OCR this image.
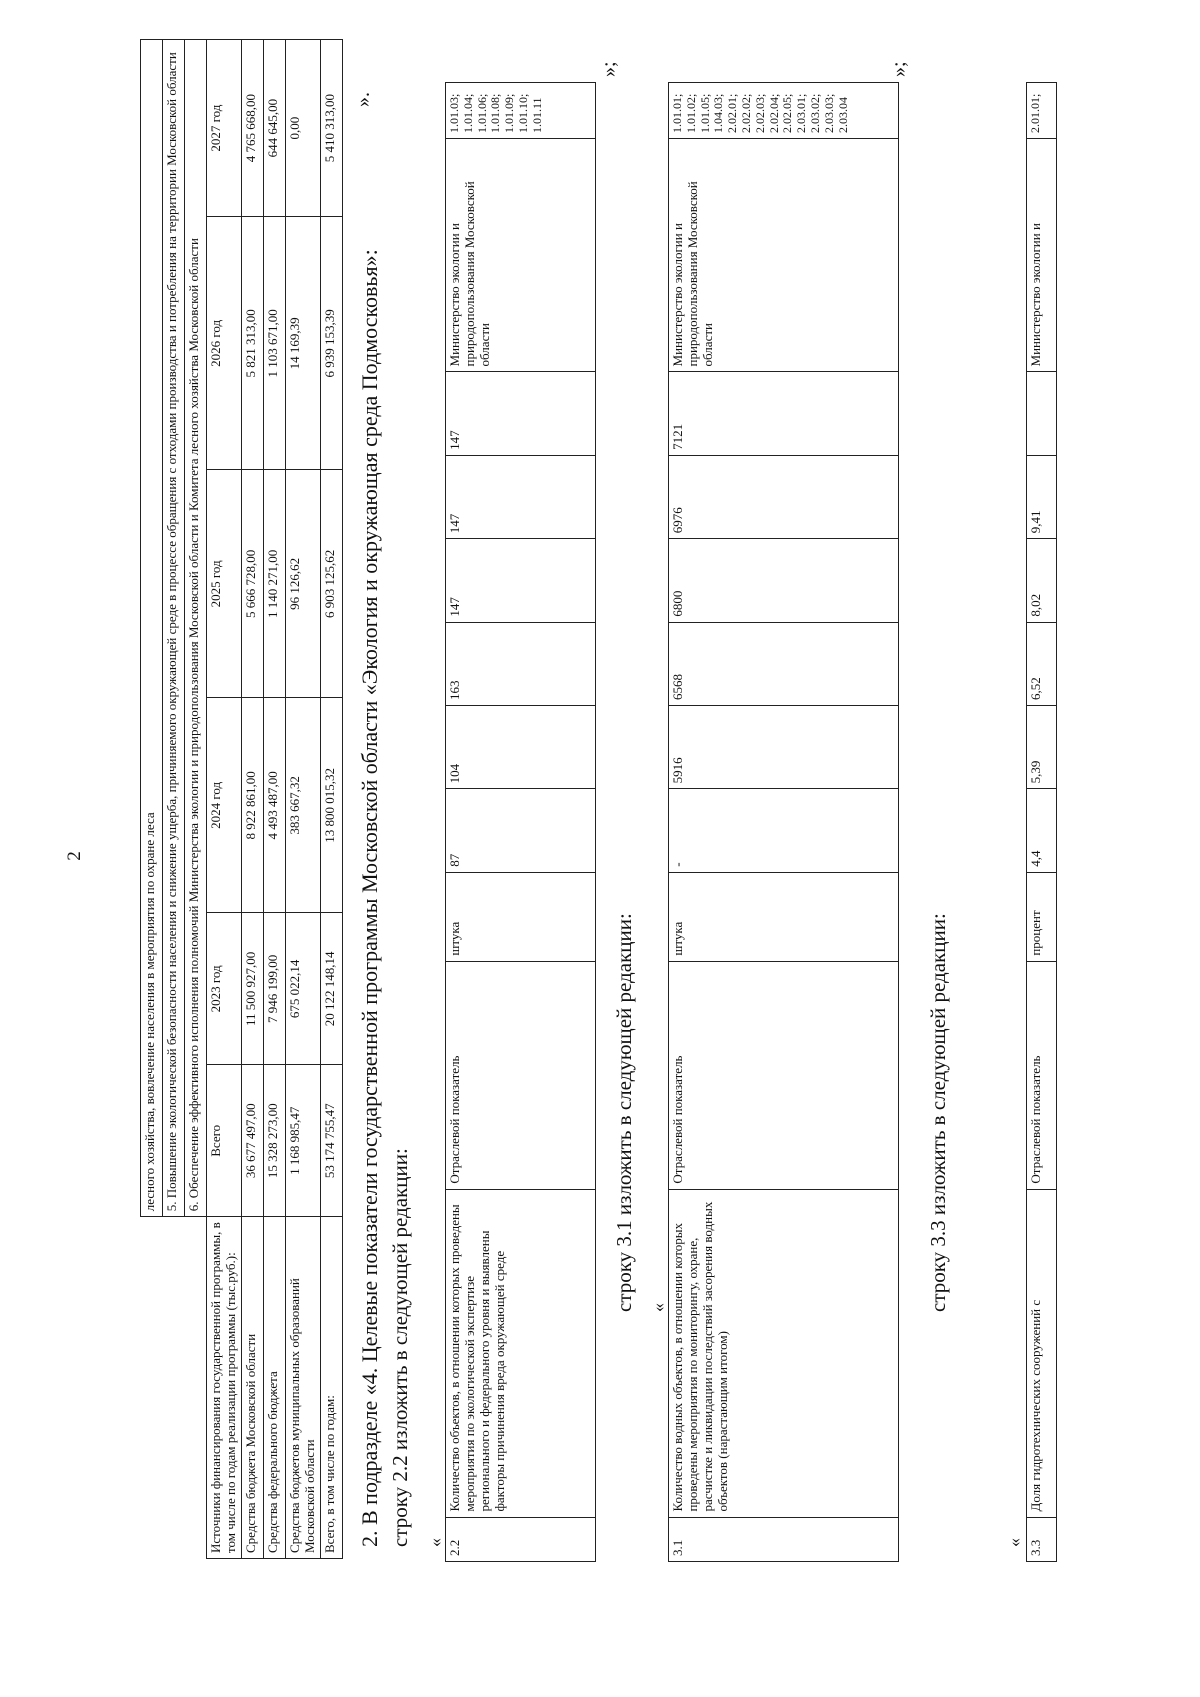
2
		лесного хозяйства, вовлечение населения в мероприятия по охране леса					
	5. Повышение экологической безопасности населения и снижение ущерба, причиняемого окружающей среде в процессе обращения с отходами производства и потребления на территории Московской области					
	6. Обеспечение эффективного исполнения полномочий Министерства экологии и природопользования Московской области и Комитета лесного хозяйства Московской области					
Источники финансирования государственной программы, в том числе по годам реализации программы (тыс.руб.):	Всего	2023 год	2024 год	2025 год	2026 год	2027 год
Средства бюджета Московской области	36 677 497,00	11 500 927,00	8 922 861,00	5 666 728,00	5 821 313,00	4 765 668,00
Средства федерального бюджета	15 328 273,00	7 946 199,00	4 493 487,00	1 140 271,00	1 103 671,00	644 645,00
Средства бюджетов муниципальных образований Московской области	1 168 985,47	675 022,14	383 667,32	96 126,62	14 169,39	0,00
Всего, в том числе по годам:	53 174 755,47	20 122 148,14	13 800 015,32	6 903 125,62	6 939 153,39	5 410 313,00 ».
2. В подразделе «4. Целевые показатели государственной программы Московской области «Экология и окружающая среда Подмосковья»: строку 2.2 изложить в следующей редакции: « 2.2	Количество объектов, в отношении которых проведены мероприятия по экологической экспертизе регионального и федерального уровня и выявлены факторы причинения вреда окружающей среде	Отраслевой показатель	штука	87	104	163	147	147	147	Министерство экологии и природопользования Московской области	1.01.03; 1.01.04; 1.01.06; 1.01.08; 1.01.09; 1.01.10; 1.01.11
»;
строку 3.1 изложить в следующей редакции: «
3.1	Количество водных объектов, в отношении которых проведены мероприятия по мониторингу, охране, расчистке и ликвидации последствий засорения водных объектов (нарастающим итогом)	Отраслевой показатель	штука	-	5916	6568	6800	6976	7121	Министерство экологии и природопользования Московской области	1.01.01; 1.01.02; 1.01.05; 1.04.03; 2.02.01; 2.02.02; 2.02.03; 2.02.04; 2.02.05; 2.03.01; 2.03.02; 2.03.03; 2.03.04
»;
строку 3.3 изложить в следующей редакции:
« 3.3	Доля гидротехнических сооружений с	Отраслевой показатель	процент	4,4	5,39	6,52	8,02	9,41		Министерство экологии и	2.01.01;
